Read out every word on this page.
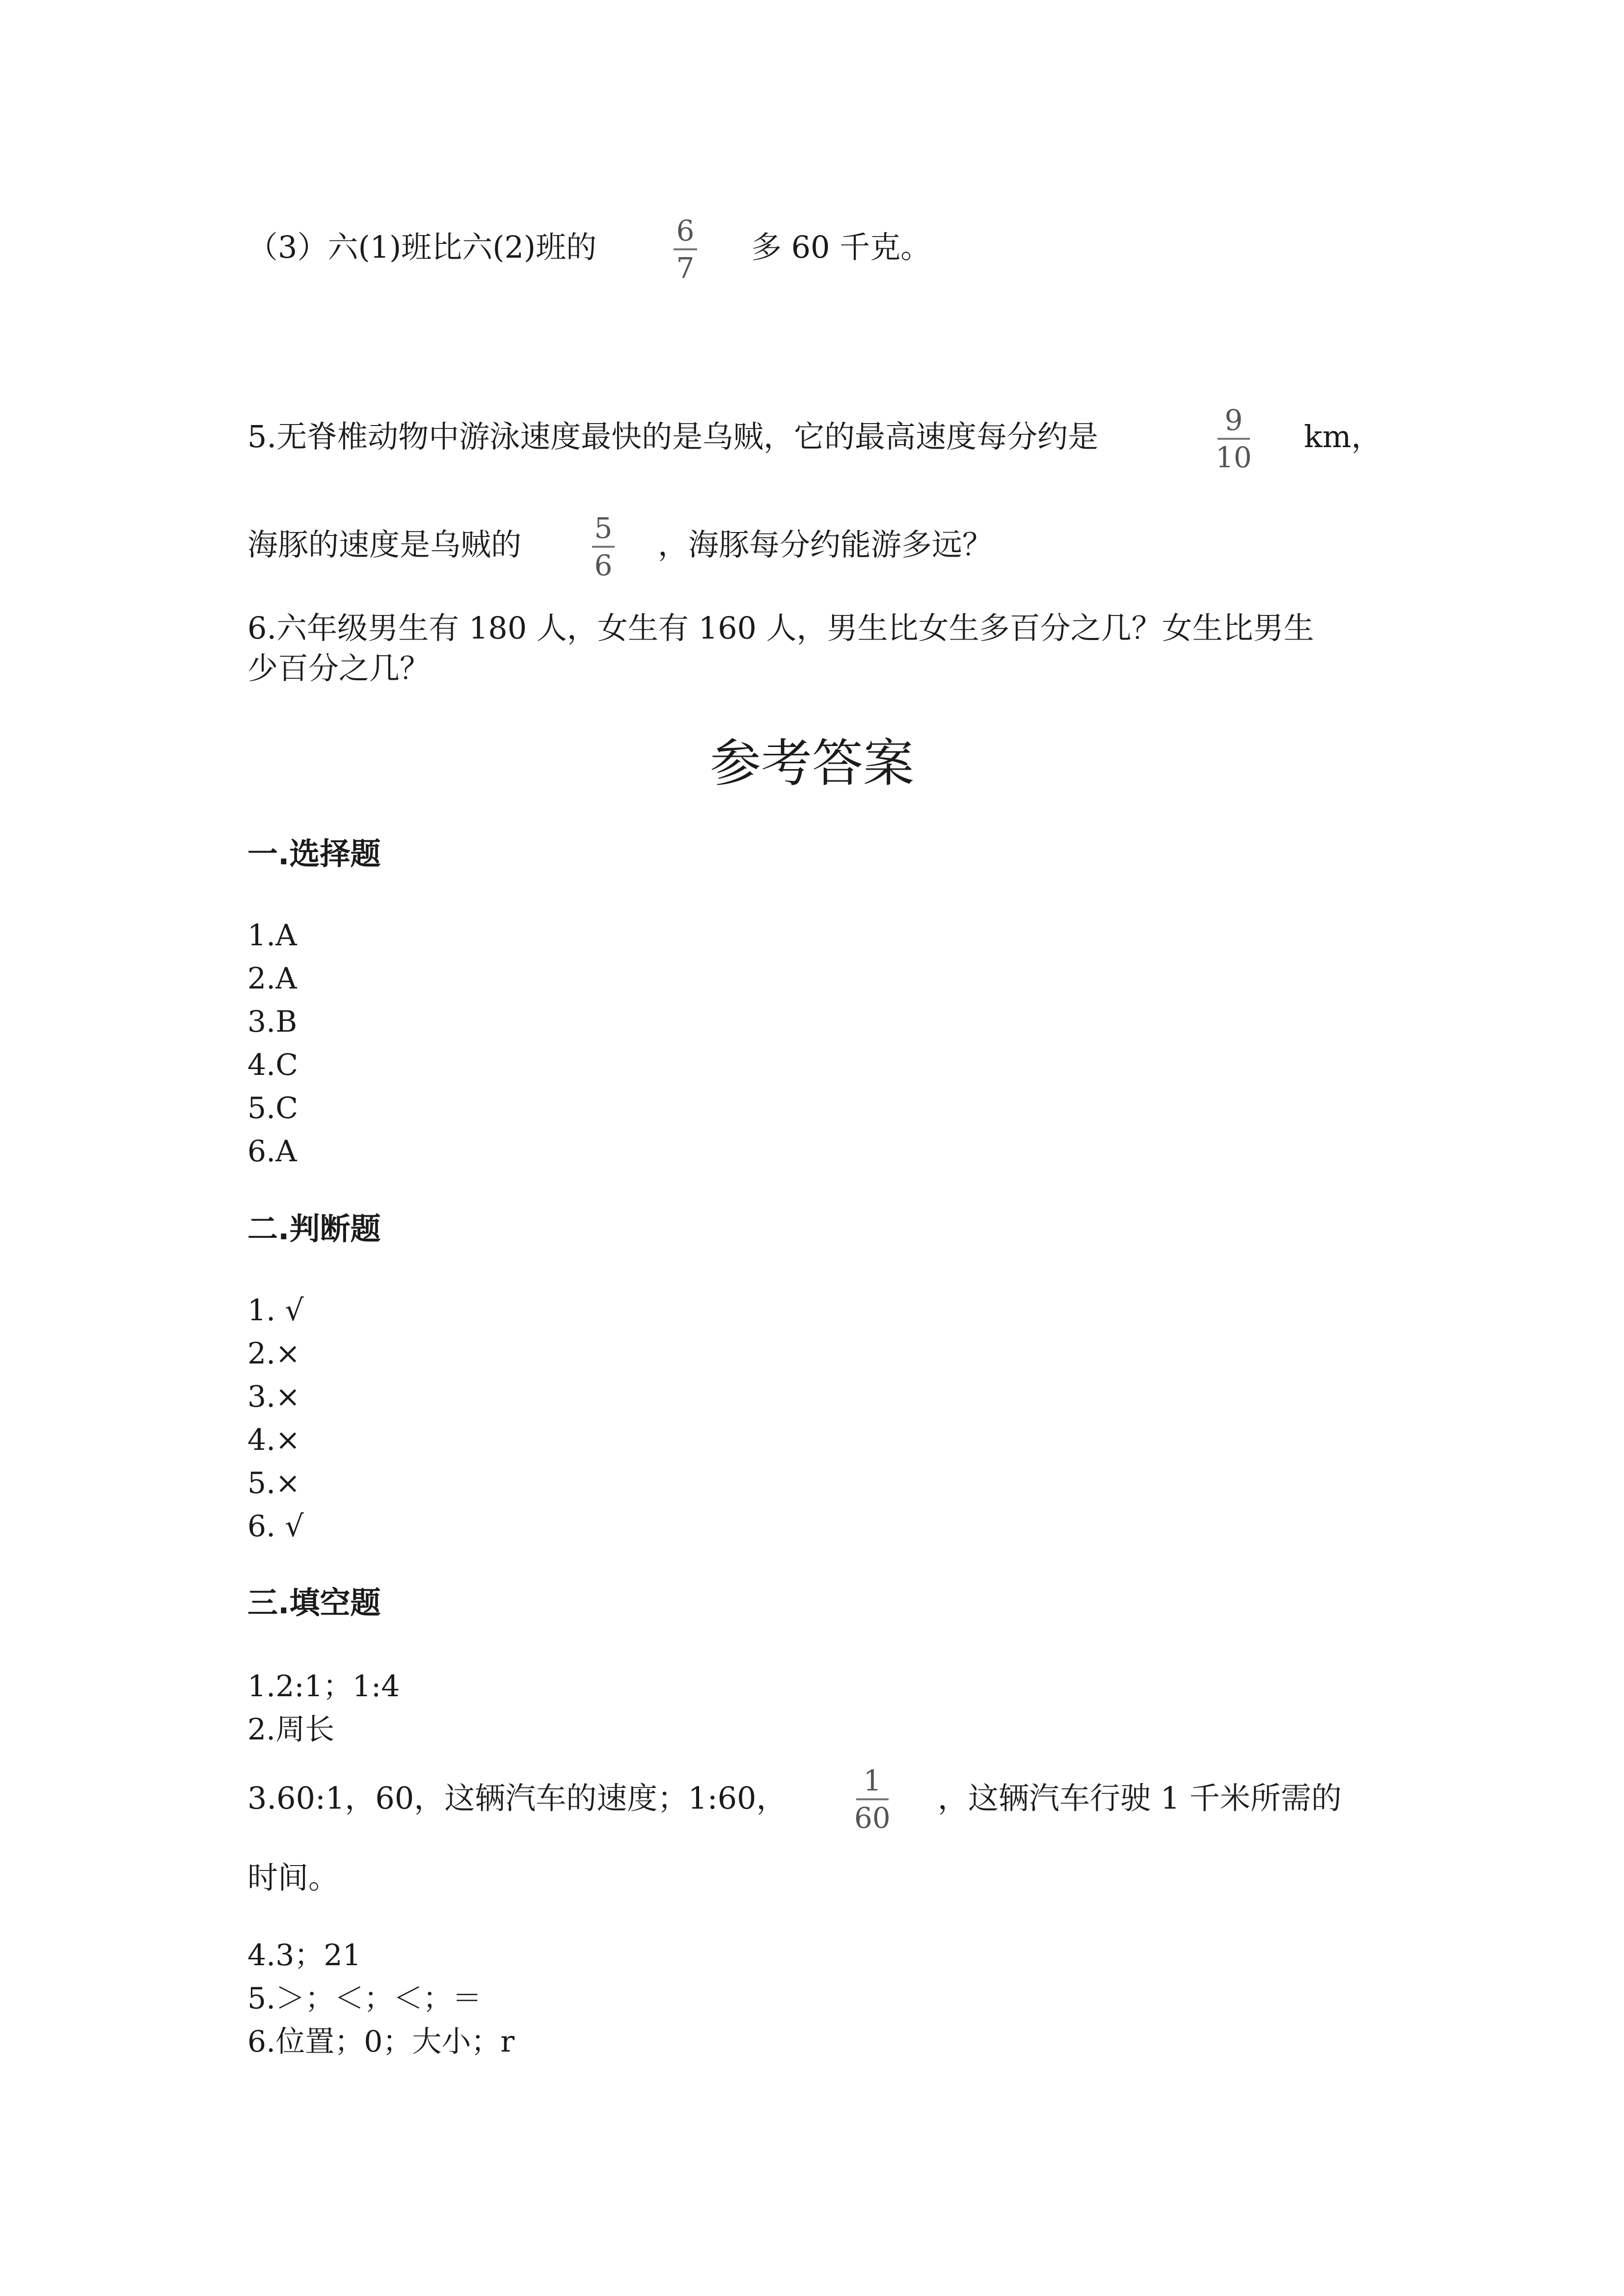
（3）六(1)班比六(2)班的	6
7
多 60 千克。
5.无脊椎动物中游泳速度最快的是乌贼，它的最高速度每分约是	9
10
km，
海豚的速度是乌贼的	5
6
，海豚每分约能游多远？
6.六年级男生有 180 人，女生有 160 人，男生比女生多百分之几？女生比男生
少百分之几？
参考答案
一.选择题
1.A
2.A
3.B
4.C
5.C
6.A
二.判断题
1. √
2.×
3.×
4.×
5.×
6. √
三.填空题
1.2:1；1:4
2.周长
3.60:1，60，这辆汽车的速度；1:60，	1
60
，这辆汽车行驶 1 千米所需的
时间。
4.3；21
5.＞；＜；＜；＝
6.位置；0；大小；r
